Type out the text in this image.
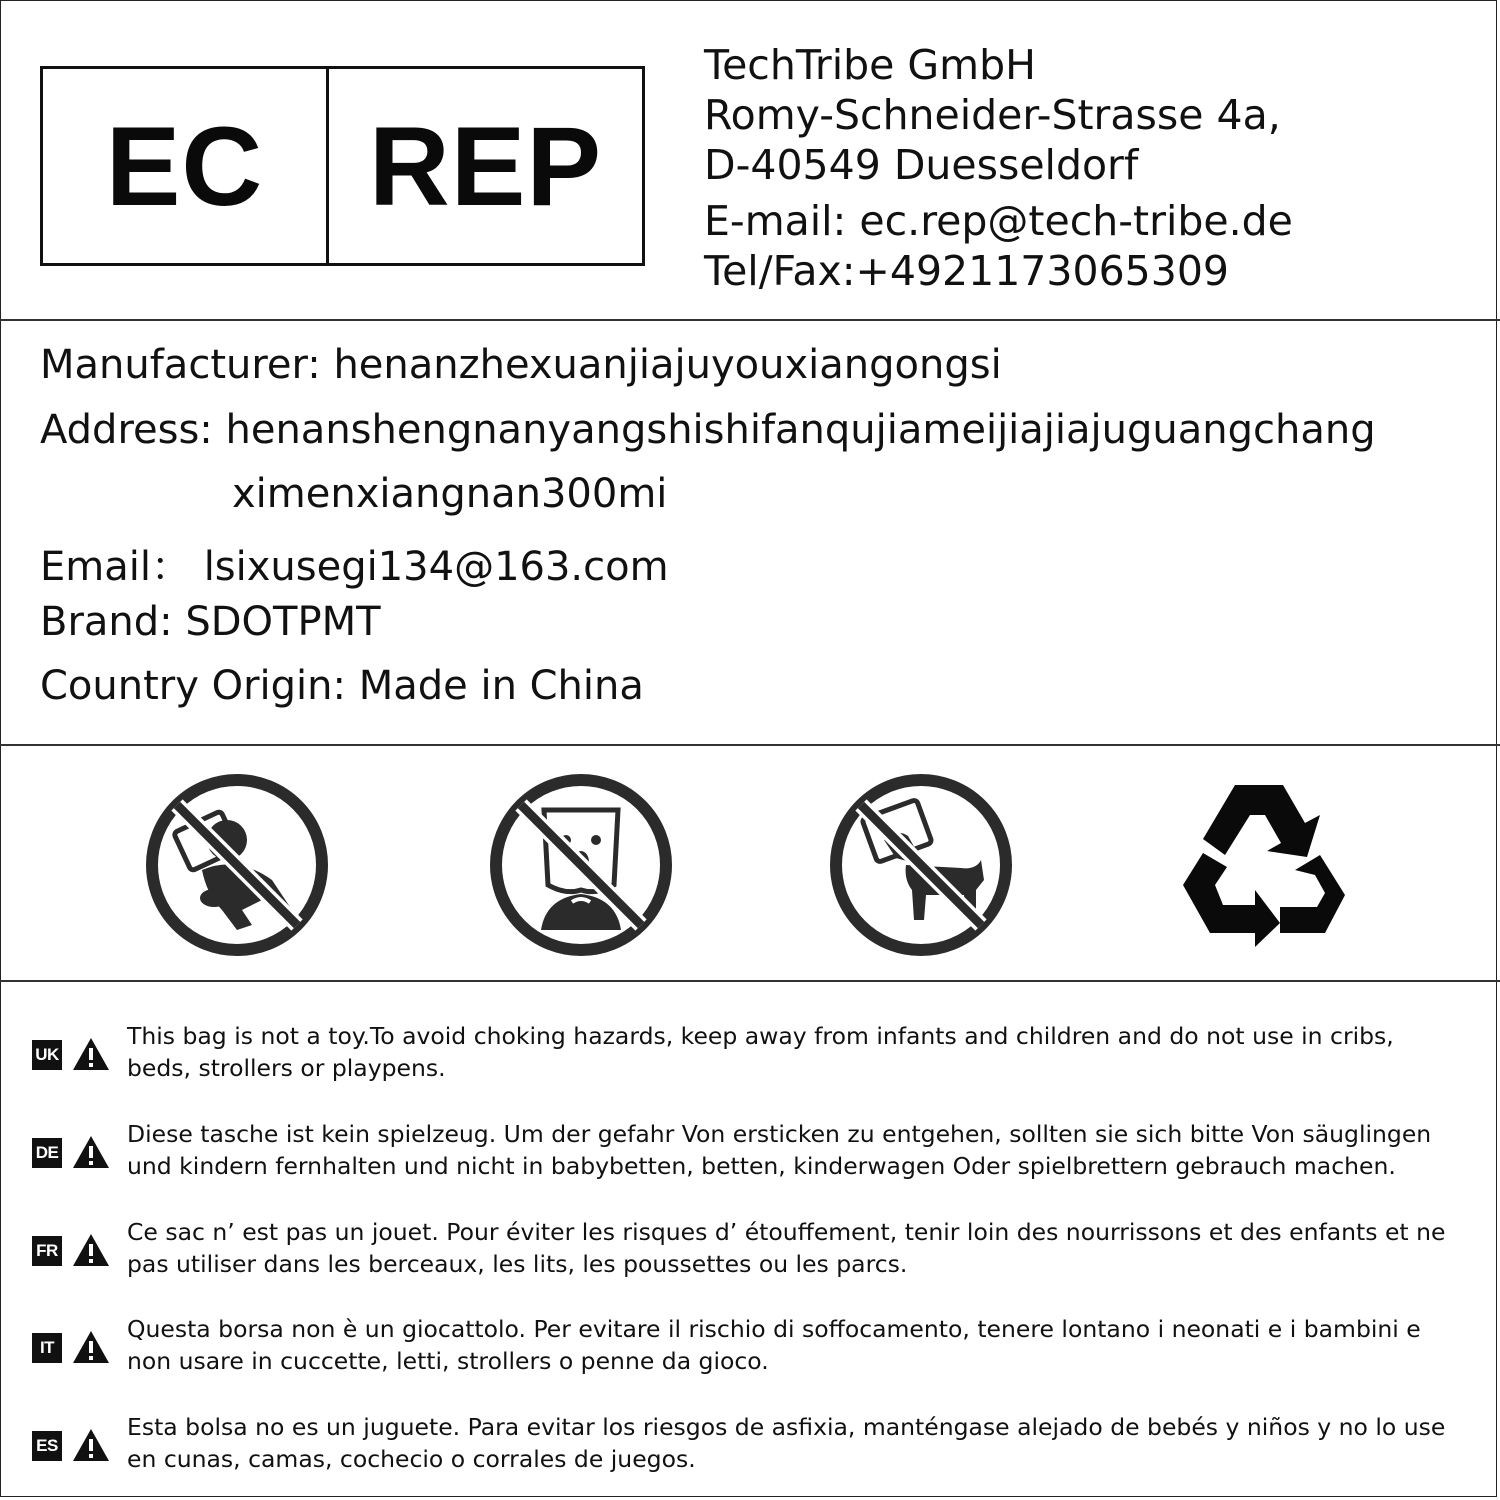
EC REP
TechTribe GmbH
Romy-Schneider-Strasse 4a,
D-40549 Duesseldorf
E-mail: ec.rep@tech-tribe.de
Tel/Fax:+4921173065309
Manufacturer: henanzhexuanjiajuyouxiangongsi
Address: henanshengnanyangshishifanqujiameijiajiajuguangchang
ximenxiangnan300mi
Email： lsixusegi134@163.com
Brand: SDOTPMT
Country Origin: Made in China
UK
This bag is not a toy.To avoid choking hazards, keep away from infants and children and do not use in cribs, beds, strollers or playpens.
DE
Diese tasche ist kein spielzeug. Um der gefahr Von ersticken zu entgehen, sollten sie sich bitte Von säuglingen und kindern fernhalten und nicht in babybetten, betten, kinderwagen Oder spielbrettern gebrauch machen.
FR
Ce sac n’ est pas un jouet. Pour éviter les risques d’ étouffement, tenir loin des nourrissons et des enfants et ne pas utiliser dans les berceaux, les lits, les poussettes ou les parcs.
IT
Questa borsa non è un giocattolo. Per evitare il rischio di soffocamento, tenere lontano i neonati e i bambini e non usare in cuccette, letti, strollers o penne da gioco.
ES
Esta bolsa no es un juguete. Para evitar los riesgos de asfixia, manténgase alejado de bebés y niños y no lo use en cunas, camas, cochecio o corrales de juegos.
